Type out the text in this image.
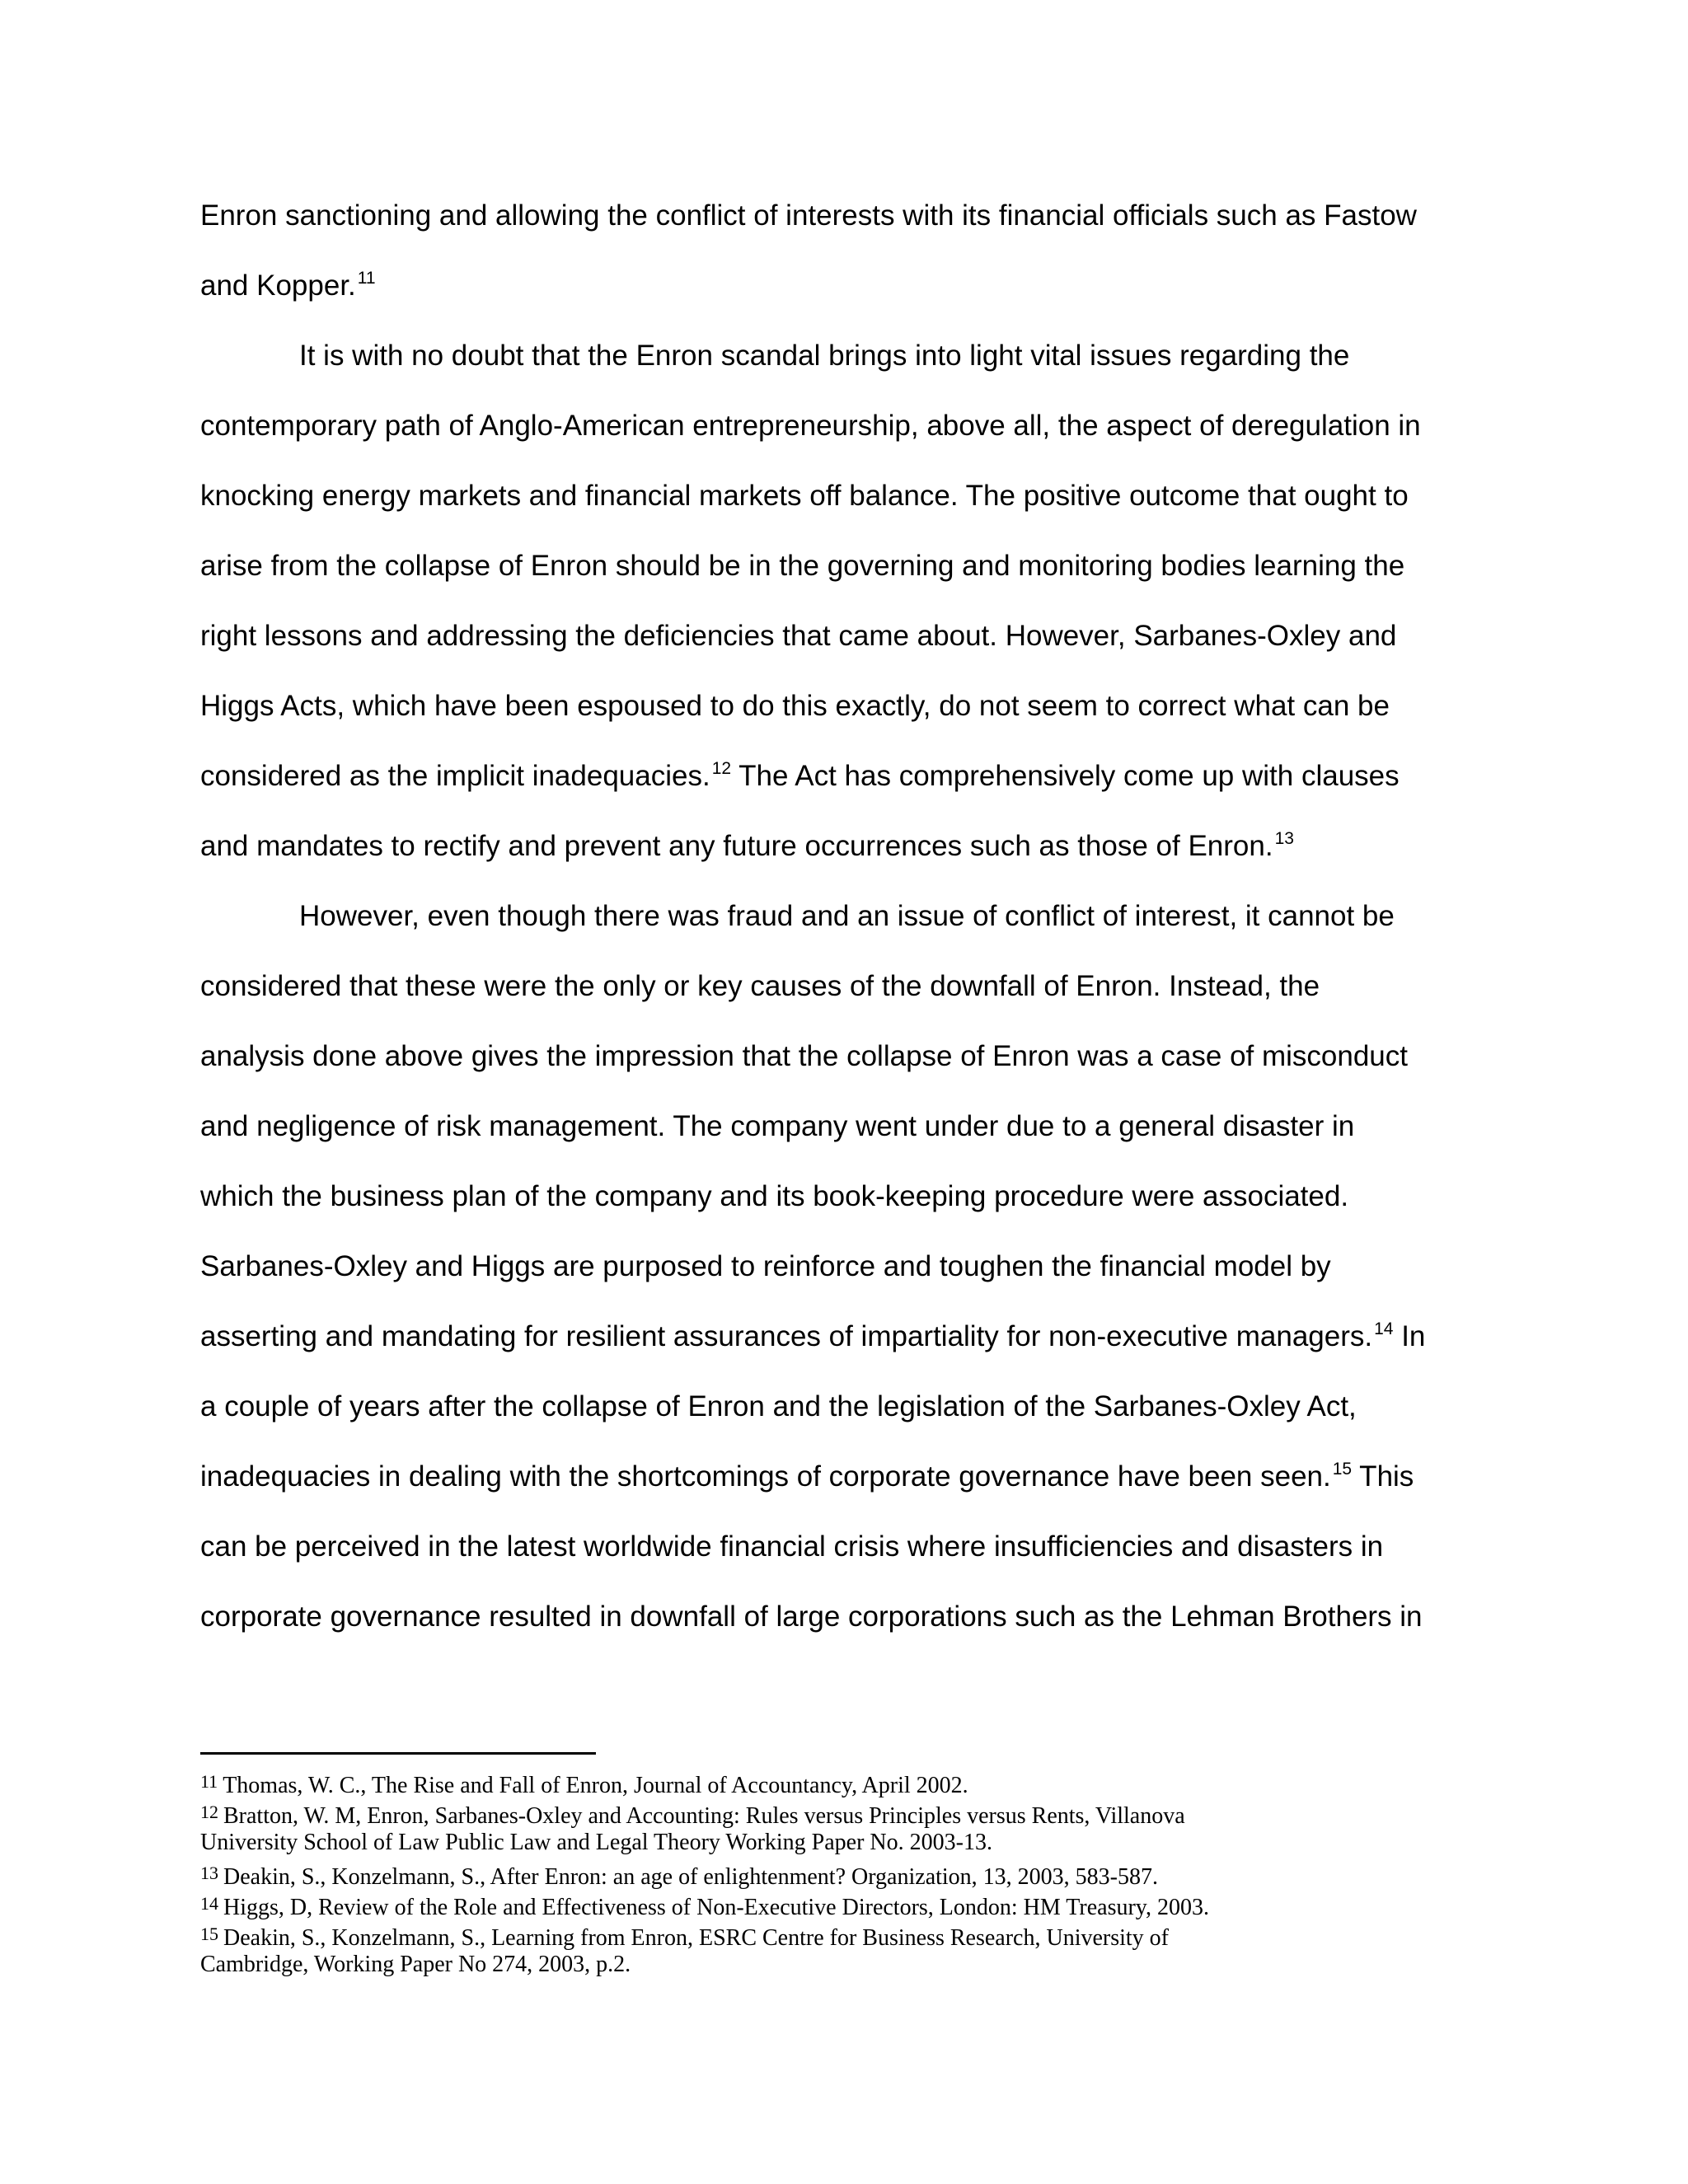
Enron sanctioning and allowing the conflict of interests with its financial officials such as Fastow
and Kopper.$^{11}$
It is with no doubt that the Enron scandal brings into light vital issues regarding the
contemporary path of Anglo-American entrepreneurship, above all, the aspect of deregulation in
knocking energy markets and financial markets off balance. The positive outcome that ought to
arise from the collapse of Enron should be in the governing and monitoring bodies learning the
right lessons and addressing the deficiencies that came about. However, Sarbanes-Oxley and
Higgs Acts, which have been espoused to do this exactly, do not seem to correct what can be
considered as the implicit inadequacies.$^{12}$ The Act has comprehensively come up with clauses
and mandates to rectify and prevent any future occurrences such as those of Enron.$^{13}$
However, even though there was fraud and an issue of conflict of interest, it cannot be
considered that these were the only or key causes of the downfall of Enron. Instead, the
analysis done above gives the impression that the collapse of Enron was a case of misconduct
and negligence of risk management. The company went under due to a general disaster in
which the business plan of the company and its book-keeping procedure were associated.
Sarbanes-Oxley and Higgs are purposed to reinforce and toughen the financial model by
asserting and mandating for resilient assurances of impartiality for non-executive managers.$^{14}$ In
a couple of years after the collapse of Enron and the legislation of the Sarbanes-Oxley Act,
inadequacies in dealing with the shortcomings of corporate governance have been seen.$^{15}$ This
can be perceived in the latest worldwide financial crisis where insufficiencies and disasters in
corporate governance resulted in downfall of large corporations such as the Lehman Brothers in
$^{11}$ Thomas, W. C., The Rise and Fall of Enron, Journal of Accountancy, April 2002.
$^{12}$ Bratton, W. M, Enron, Sarbanes-Oxley and Accounting: Rules versus Principles versus Rents, Villanova
University School of Law Public Law and Legal Theory Working Paper No. 2003-13.
$^{13}$ Deakin, S., Konzelmann, S., After Enron: an age of enlightenment? Organization, 13, 2003, 583-587.
$^{14}$ Higgs, D, Review of the Role and Effectiveness of Non-Executive Directors, London: HM Treasury, 2003.
$^{15}$ Deakin, S., Konzelmann, S., Learning from Enron, ESRC Centre for Business Research, University of
Cambridge, Working Paper No 274, 2003, p.2.
